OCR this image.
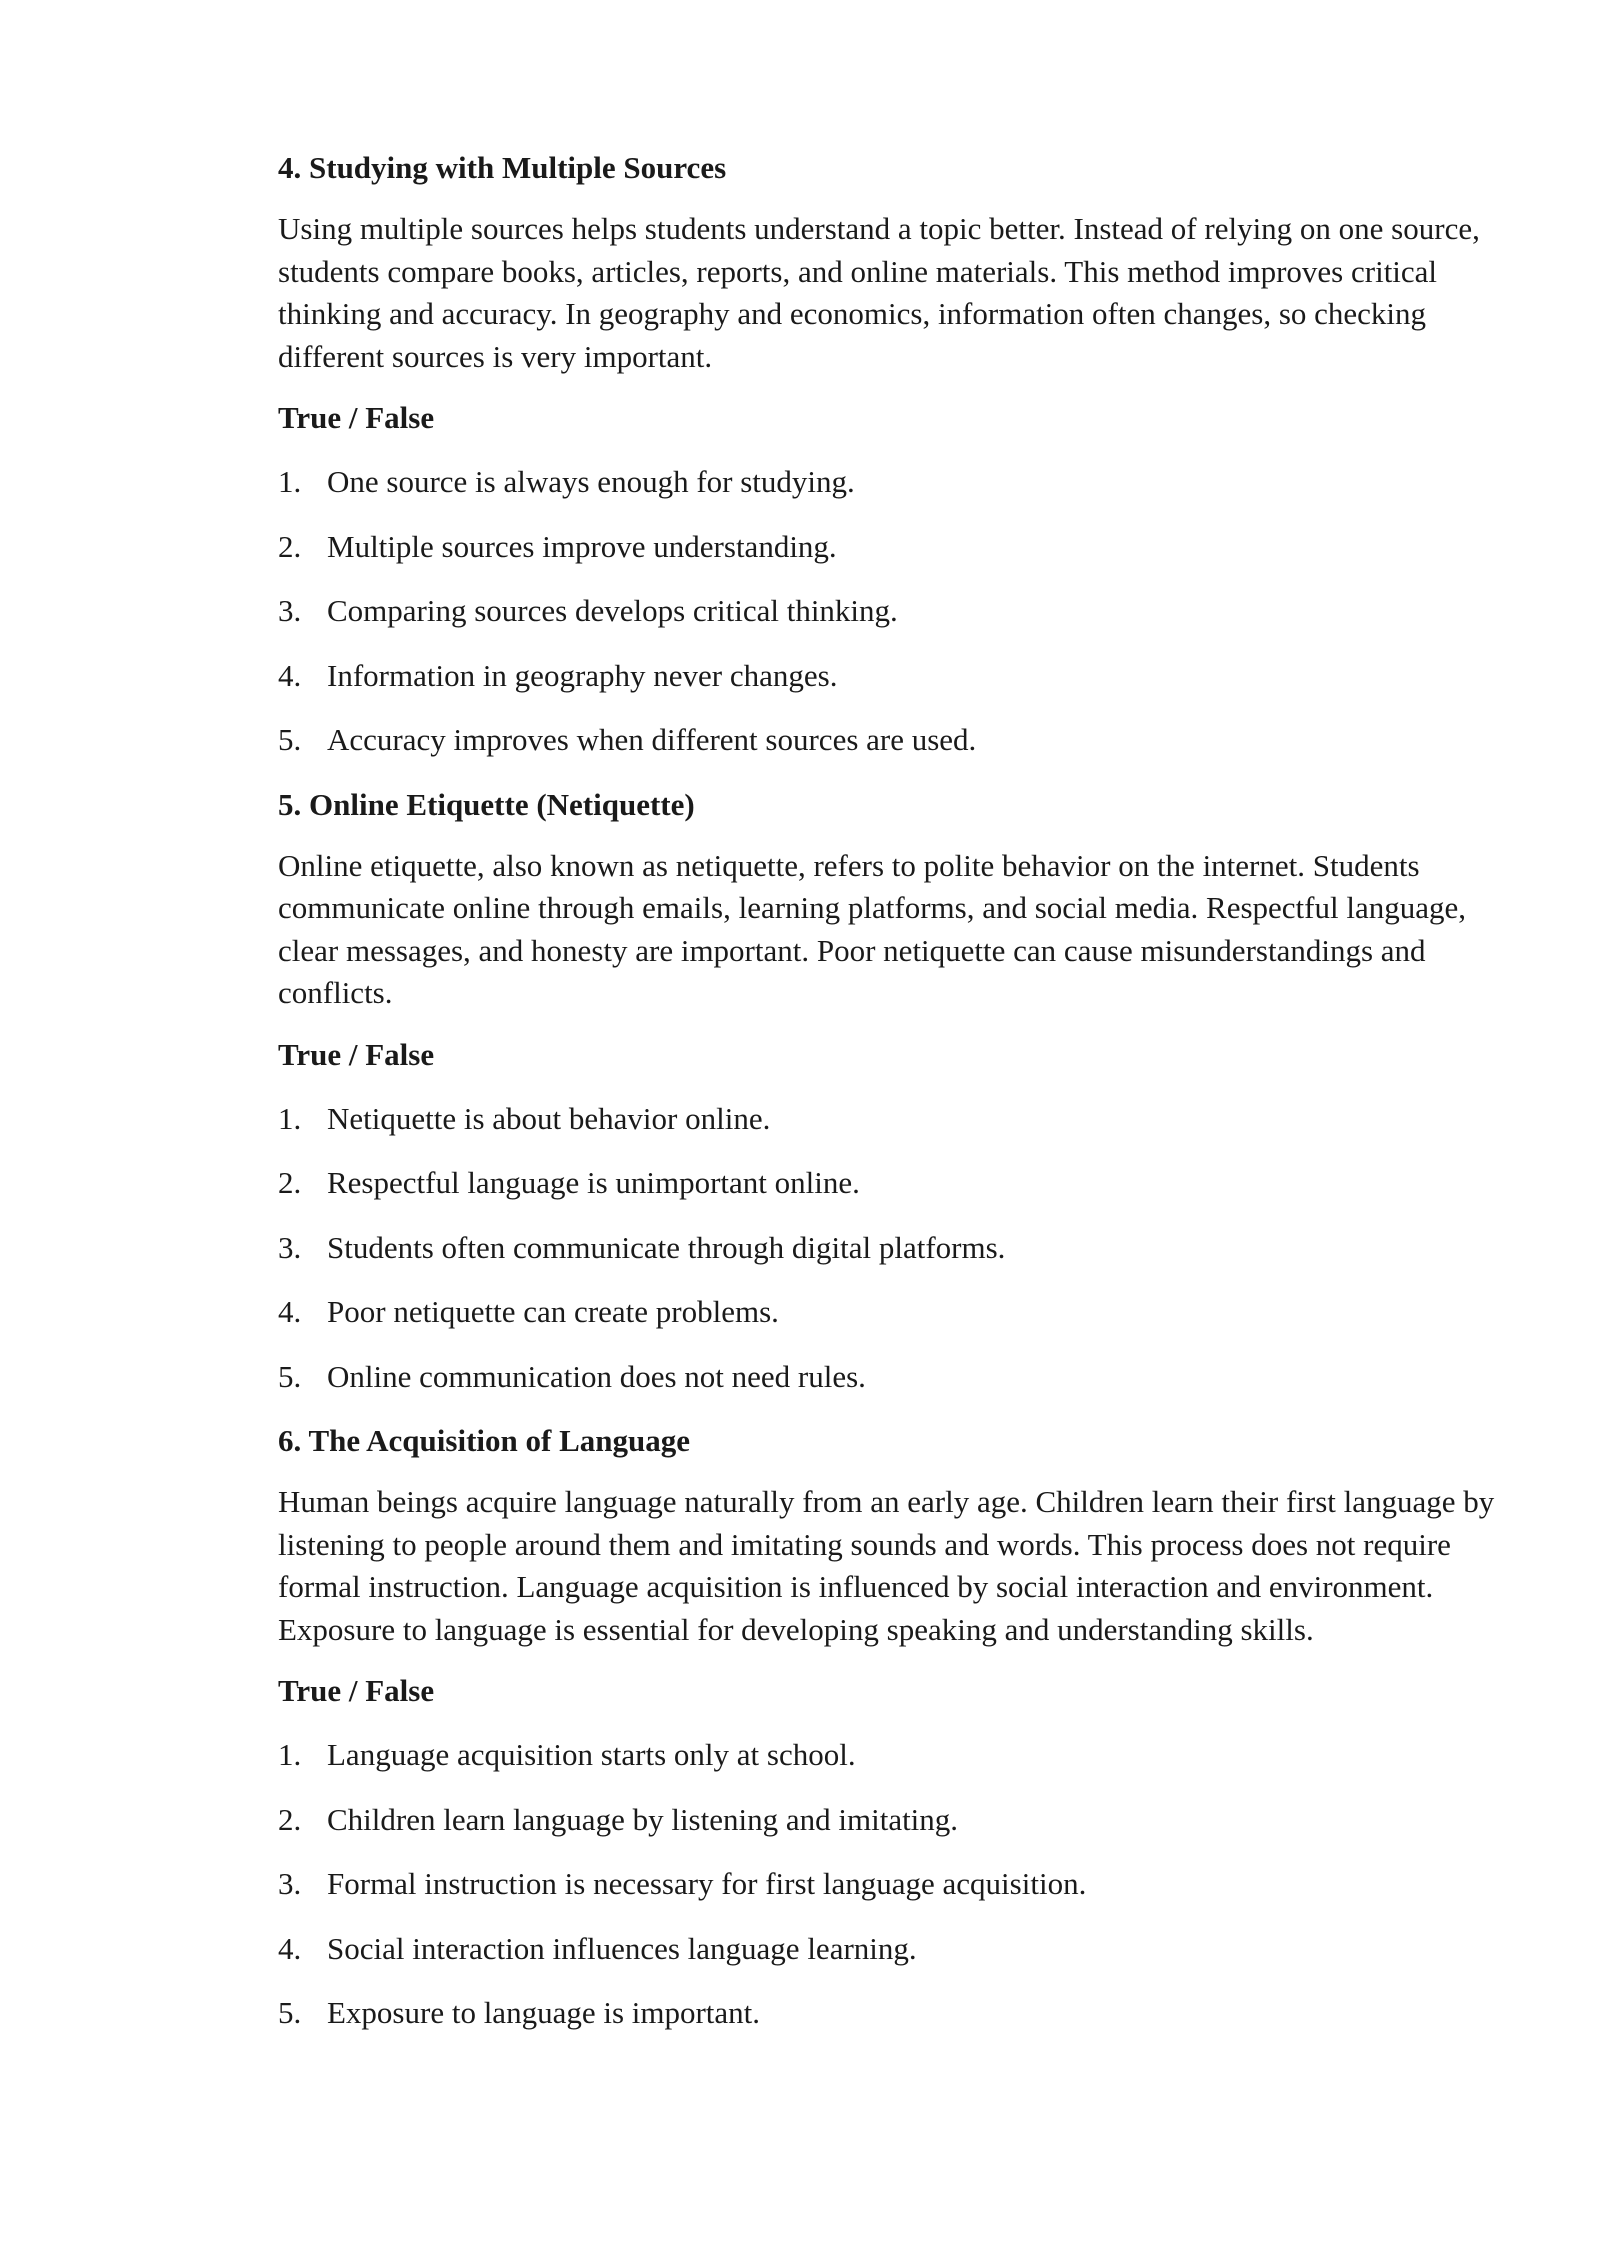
4. Studying with Multiple Sources

Using multiple sources helps students understand a topic better. Instead of relying on one source, students compare books, articles, reports, and online materials. This method improves critical thinking and accuracy. In geography and economics, information often changes, so checking different sources is very important.

True / False
1. One source is always enough for studying.
2. Multiple sources improve understanding.
3. Comparing sources develops critical thinking.
4. Information in geography never changes.
5. Accuracy improves when different sources are used.
5. Online Etiquette (Netiquette)

Online etiquette, also known as netiquette, refers to polite behavior on the internet. Students communicate online through emails, learning platforms, and social media. Respectful language, clear messages, and honesty are important. Poor netiquette can cause misunderstandings and conflicts.

True / False
1. Netiquette is about behavior online.
2. Respectful language is unimportant online.
3. Students often communicate through digital platforms.
4. Poor netiquette can create problems.
5. Online communication does not need rules.
6. The Acquisition of Language

Human beings acquire language naturally from an early age. Children learn their first language by listening to people around them and imitating sounds and words. This process does not require formal instruction. Language acquisition is influenced by social interaction and environment. Exposure to language is essential for developing speaking and understanding skills.

True / False
1. Language acquisition starts only at school.
2. Children learn language by listening and imitating.
3. Formal instruction is necessary for first language acquisition.
4. Social interaction influences language learning.
5. Exposure to language is important.
